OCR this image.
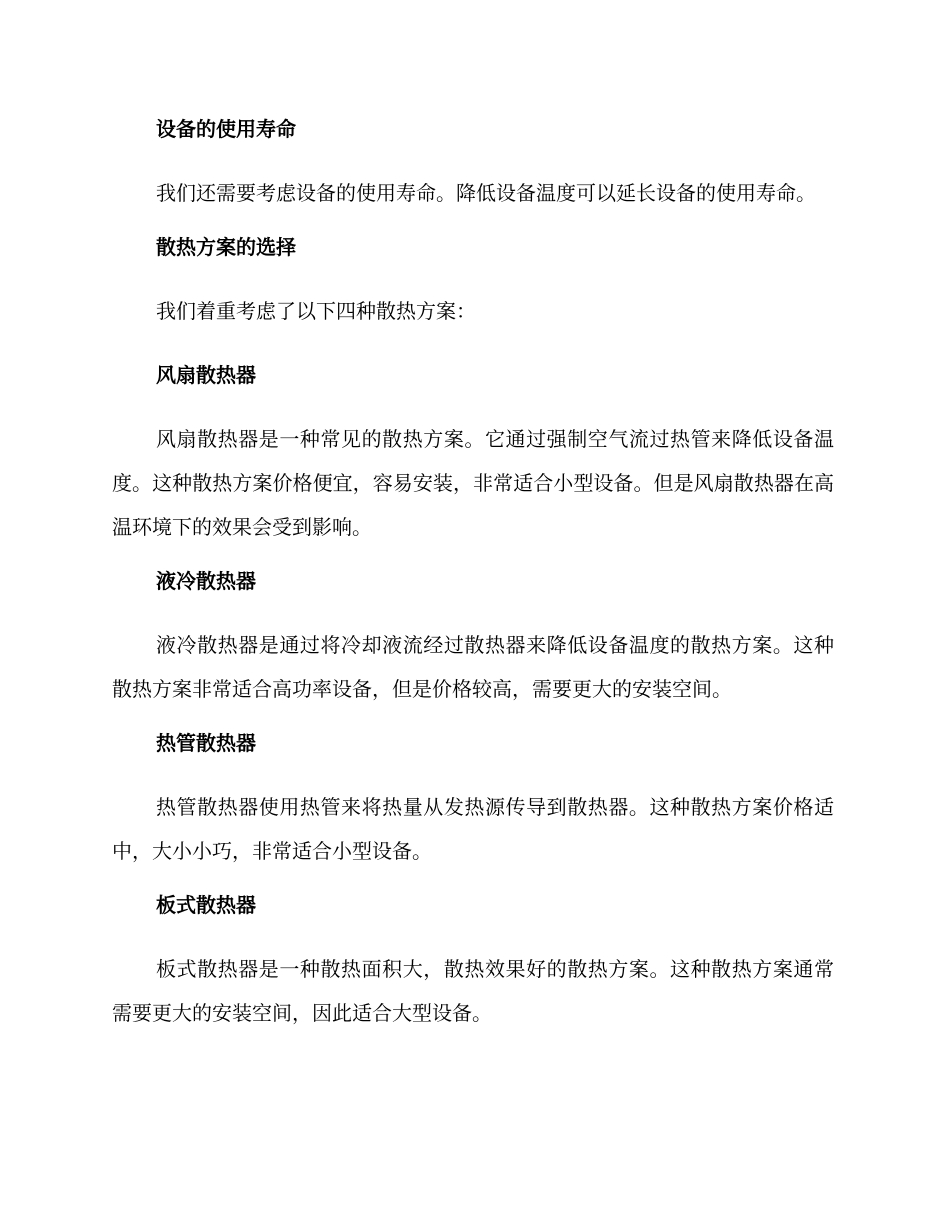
设备的使用寿命
我们还需要考虑设备的使用寿命。降低设备温度可以延长设备的使用寿命。
散热方案的选择
我们着重考虑了以下四种散热方案：
风扇散热器
风扇散热器是一种常见的散热方案。它通过强制空气流过热管来降低设备温度。这种散热方案价格便宜，容易安装，非常适合小型设备。但是风扇散热器在高温环境下的效果会受到影响。
液冷散热器
液冷散热器是通过将冷却液流经过散热器来降低设备温度的散热方案。这种散热方案非常适合高功率设备，但是价格较高，需要更大的安装空间。
热管散热器
热管散热器使用热管来将热量从发热源传导到散热器。这种散热方案价格适中，大小小巧，非常适合小型设备。
板式散热器
板式散热器是一种散热面积大，散热效果好的散热方案。这种散热方案通常需要更大的安装空间，因此适合大型设备。
